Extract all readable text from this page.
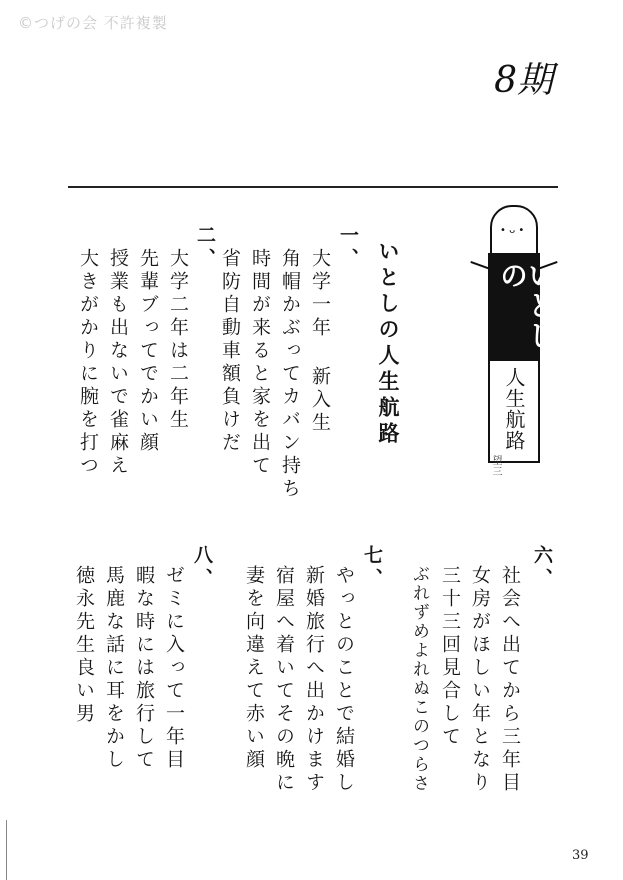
©つげの会 不許複製
8期
• ᴗ •
いとしの
人生航路
望三
いとしの人生航路
一、
大学一年 新入生
角帽かぶってカバン持ち
時間が来ると家を出て
省防自動車額負けだ
二、
大学二年は二年生
先輩ブってでかい顔
授業も出ないで雀麻え
大きがかりに腕を打つ
六、
社会へ出てから三年目
女房がほしい年となり
三十三回見合して
ぶれずめよれぬこのつらさ
七、
やっとのことで結婚し
新婚旅行へ出かけます
宿屋へ着いてその晩に
妻を向違えて赤い顔
八、
ゼミに入って一年目
暇な時には旅行して
馬鹿な話に耳をかし
徳永先生良い男
39
